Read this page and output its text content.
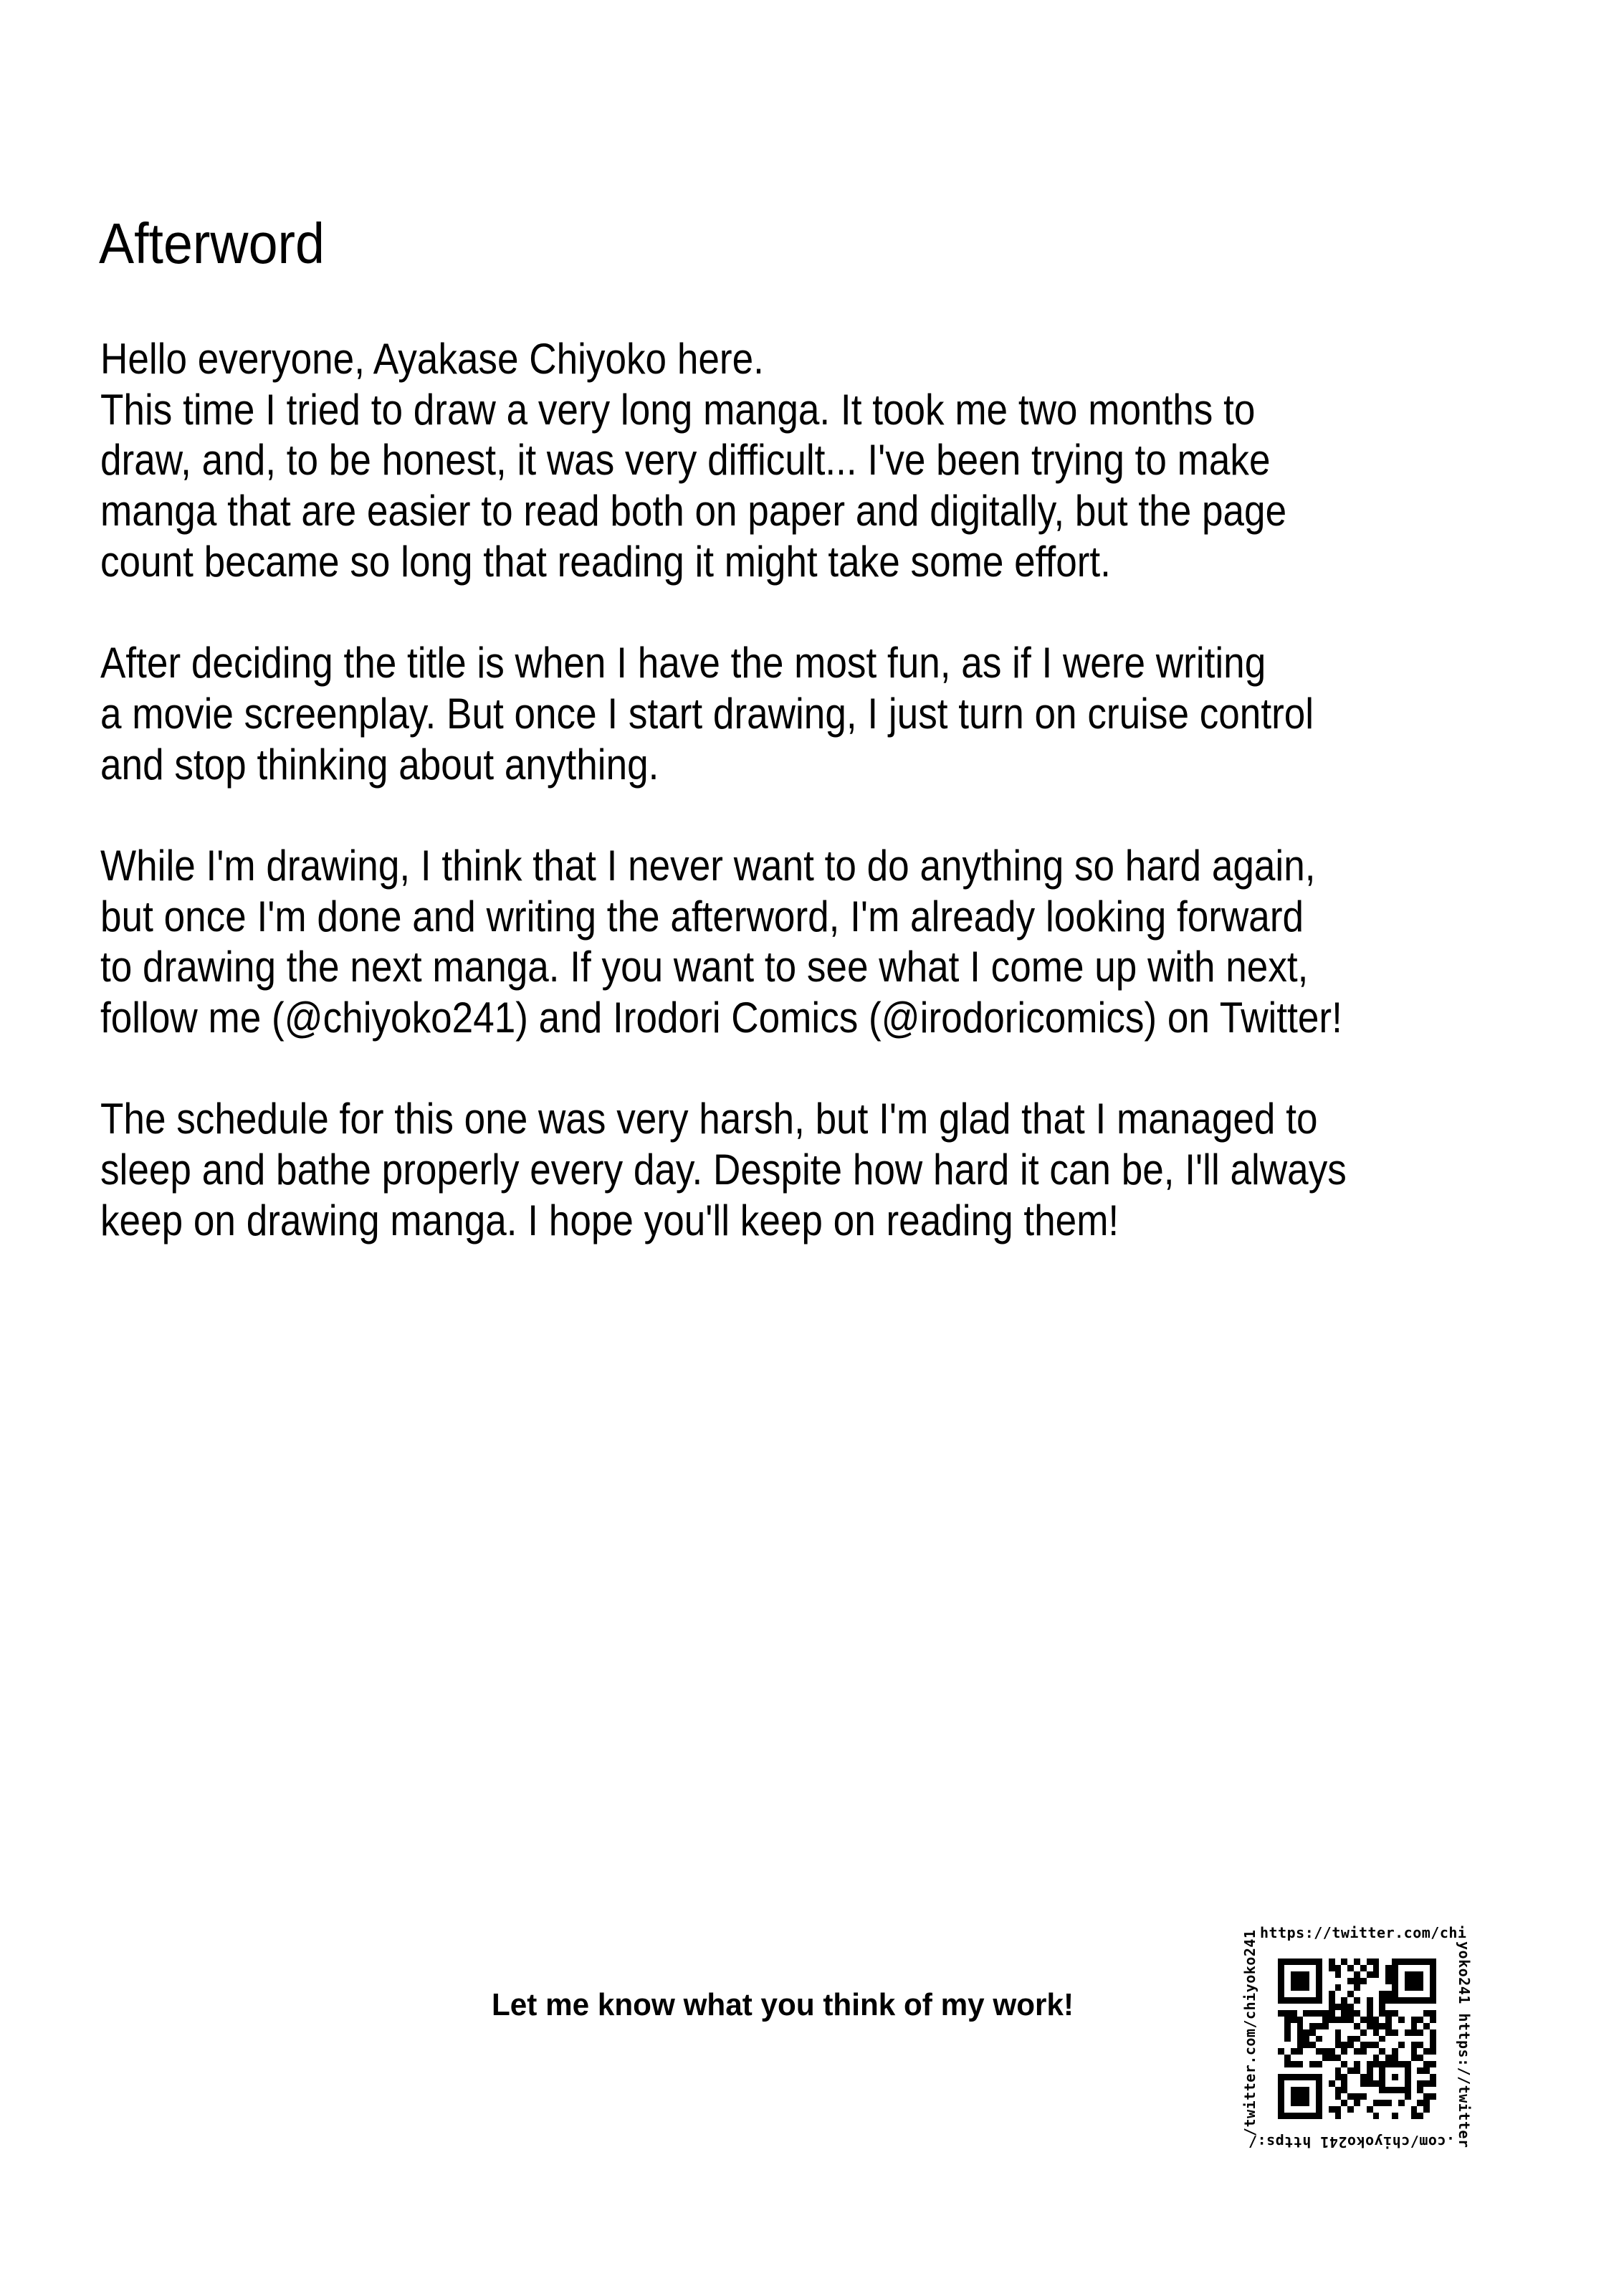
Afterword
Hello everyone, Ayakase Chiyoko here.
This time I tried to draw a very long manga. It took me two months to
draw, and, to be honest, it was very difficult... I've been trying to make
manga that are easier to read both on paper and digitally, but the page
count became so long that reading it might take some effort.
After deciding the title is when I have the most fun, as if I were writing
a movie screenplay. But once I start drawing, I just turn on cruise control
and stop thinking about anything.
While I'm drawing, I think that I never want to do anything so hard again,
but once I'm done and writing the afterword, I'm already looking forward
to drawing the next manga. If you want to see what I come up with next,
follow me (@chiyoko241) and Irodori Comics (@irodoricomics) on Twitter!
The schedule for this one was very harsh, but I'm glad that I managed to
sleep and bathe properly every day. Despite how hard it can be, I'll always
keep on drawing manga. I hope you'll keep on reading them!
Let me know what you think of my work!
https://twitter.com/chi
yoko241 https://twitter
.com/chiyoko241 https:/
/twitter.com/chiyoko241
